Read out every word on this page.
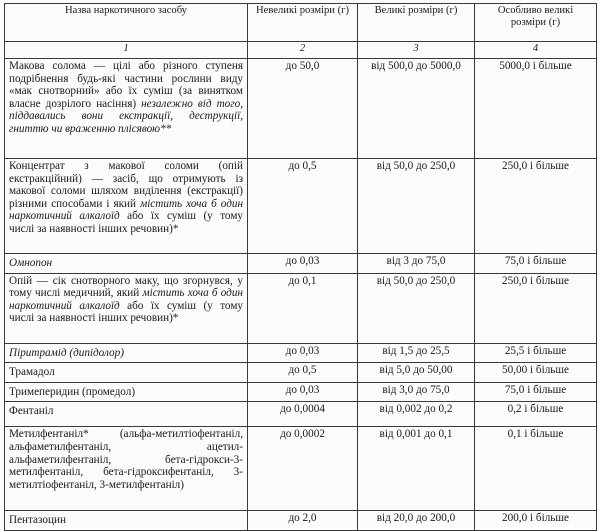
Назва наркотичного засобу	Невеликі розміри (г)	Великі розміри (г)	Особливо великі розміри (г)
1	2	3	4
Макова солома — цілі або різного ступеня подрібнення будь-які частини рослини виду «мак снотворний» або їх суміш (за винятком власне дозрілого насіння) незалежно від того, піддавались вони екстракції, деструкції, гниттю чи враженню плісявою**	до 50,0	від 500,0 до 5000,0	5000,0 і більше
Концентрат з макової соломи (опій екстракційний) — засіб, що отримують із макової соломи шляхом виділення (екстракції) різними способами і який містить хоча б один наркотичний алкалоїд або їх суміш (у тому числі за наявності інших речовин)*	до 0,5	від 50,0 до 250,0	250,0 і більше
Омнопон	до 0,03	від 3 до 75,0	75,0 і більше
Опій — сік снотворного маку, що згорнувся, у тому числі медичний, який містить хоча б один наркотичний алкалоїд або їх суміш (у тому числі за наявності інших речовин)*	до 0,1	від 50,0 до 250,0	250,0 і більше
Піритрамід (дипідолор)	до 0,03	від 1,5 до 25,5	25,5 і більше
Трамадол	до 0,5	від 5,0 до 50,00	50,00 і більше
Тримеперидин (промедол)	до 0,03	від 3,0 до 75,0	75,0 і більше
Фентаніл	до 0,0004	від 0,002 до 0,2	0,2 і більше
Метилфентаніл* (альфа-метилтіофентаніл, альфаметилфентаніл, ацетил-альфаметилфентаніл, бета-гідрокси-3-метилфентаніл, бета-гідроксифентаніл, 3-метилтіофентаніл, 3-метилфентаніл)	до 0,0002	від 0,001 до 0,1	0,1 і більше
Пентазоцин	до 2,0	від 20,0 до 200,0	200,0 і більше
